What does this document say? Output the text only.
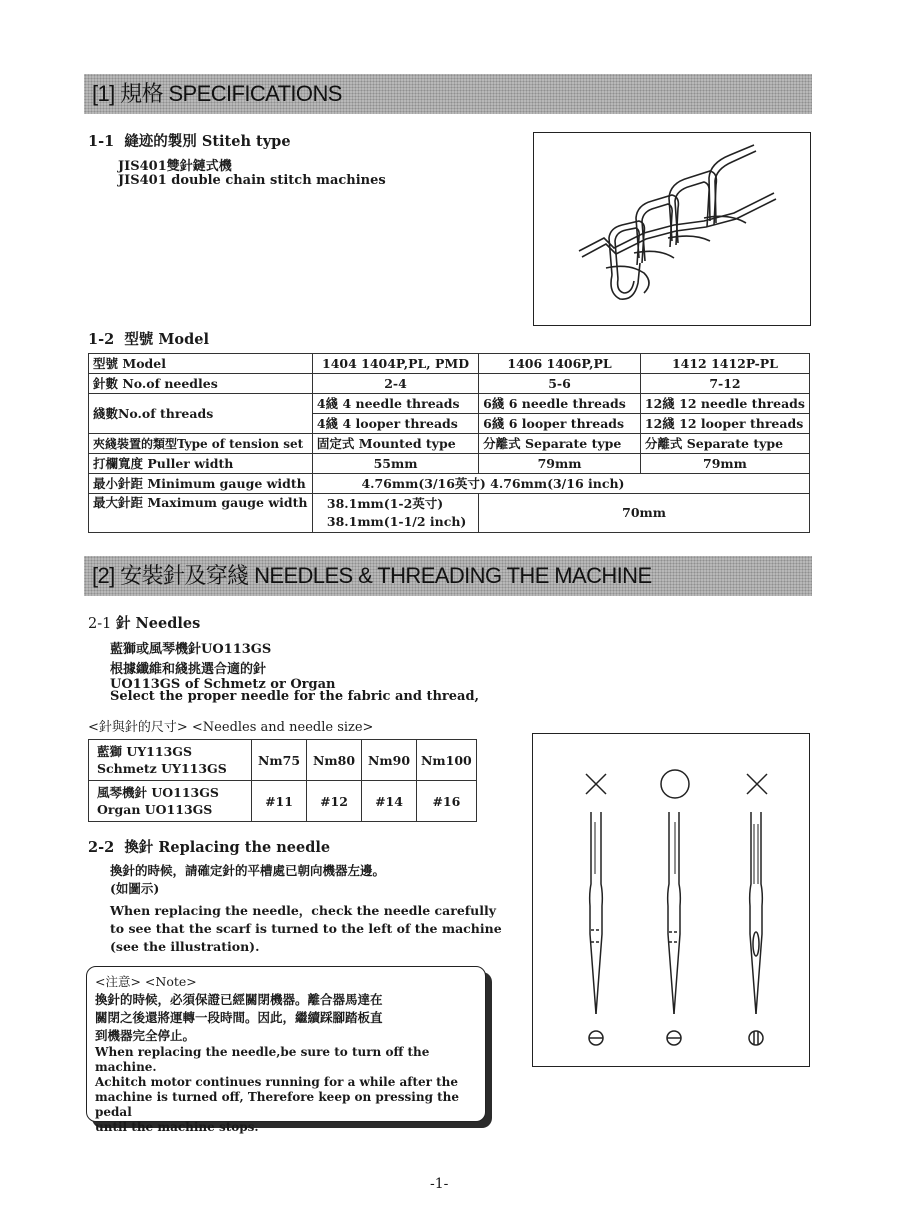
[1] 規格 SPECIFICATIONS
1-1 縫迹的製別 Stiteh type
JIS401雙針鏈式機
JIS401 double chain stitch machines
1-2 型號 Model
型號 Model	1404 1404P,PL, PMD	1406 1406P,PL	1412 1412P-PL
針數 No.of needles	2-4	5-6	7-12
綫數No.of threads	4綫 4 needle threads	6綫 6 needle threads	12綫 12 needle threads
	4綫 4 looper threads	6綫 6 looper threads	12綫 12 looper threads
夾綫裝置的類型Type of tension set	固定式 Mounted type	分離式 Separate type	分離式 Separate type
打欄寬度 Puller width	55mm	79mm	79mm
最小針距 Minimum gauge width	4.76mm(3/16英寸) 4.76mm(3/16 inch)		
最大針距 Maximum gauge width	38.1mm(1-2英寸)
38.1mm(1-1/2 inch)	70mm	
[2] 安裝針及穿綫 NEEDLES & THREADING THE MACHINE
2-1 針 Needles
藍獅或風琴機針UO113GS
根據纖維和綫挑選合適的針
UO113GS of Schmetz or Organ
Select the proper needle for the fabric and thread,
<針與針的尺寸> <Needles and needle size>
藍獅 UY113GS
Schmetz UY113GS	Nm75	Nm80	Nm90	Nm100

風琴機針 UO113GS
Organ UO113GS	#11	#12	#14	#16
2-2 換針 Replacing the needle
換針的時候，請確定針的平槽處已朝向機器左邊。
(如圖示)
When replacing the needle，check the needle carefully
to see that the scarf is turned to the left of the machine
(see the illustration).
<注意> <Note>
換針的時候，必須保證已經關閉機器。離合器馬達在
關閉之後還將運轉一段時間。因此，繼續踩腳踏板直
到機器完全停止。
When replacing the needle,be sure to turn off the machine.
Achitch motor continues running for a while after the
machine is turned off, Therefore keep on pressing the pedal
until the machine stops.
-1-
